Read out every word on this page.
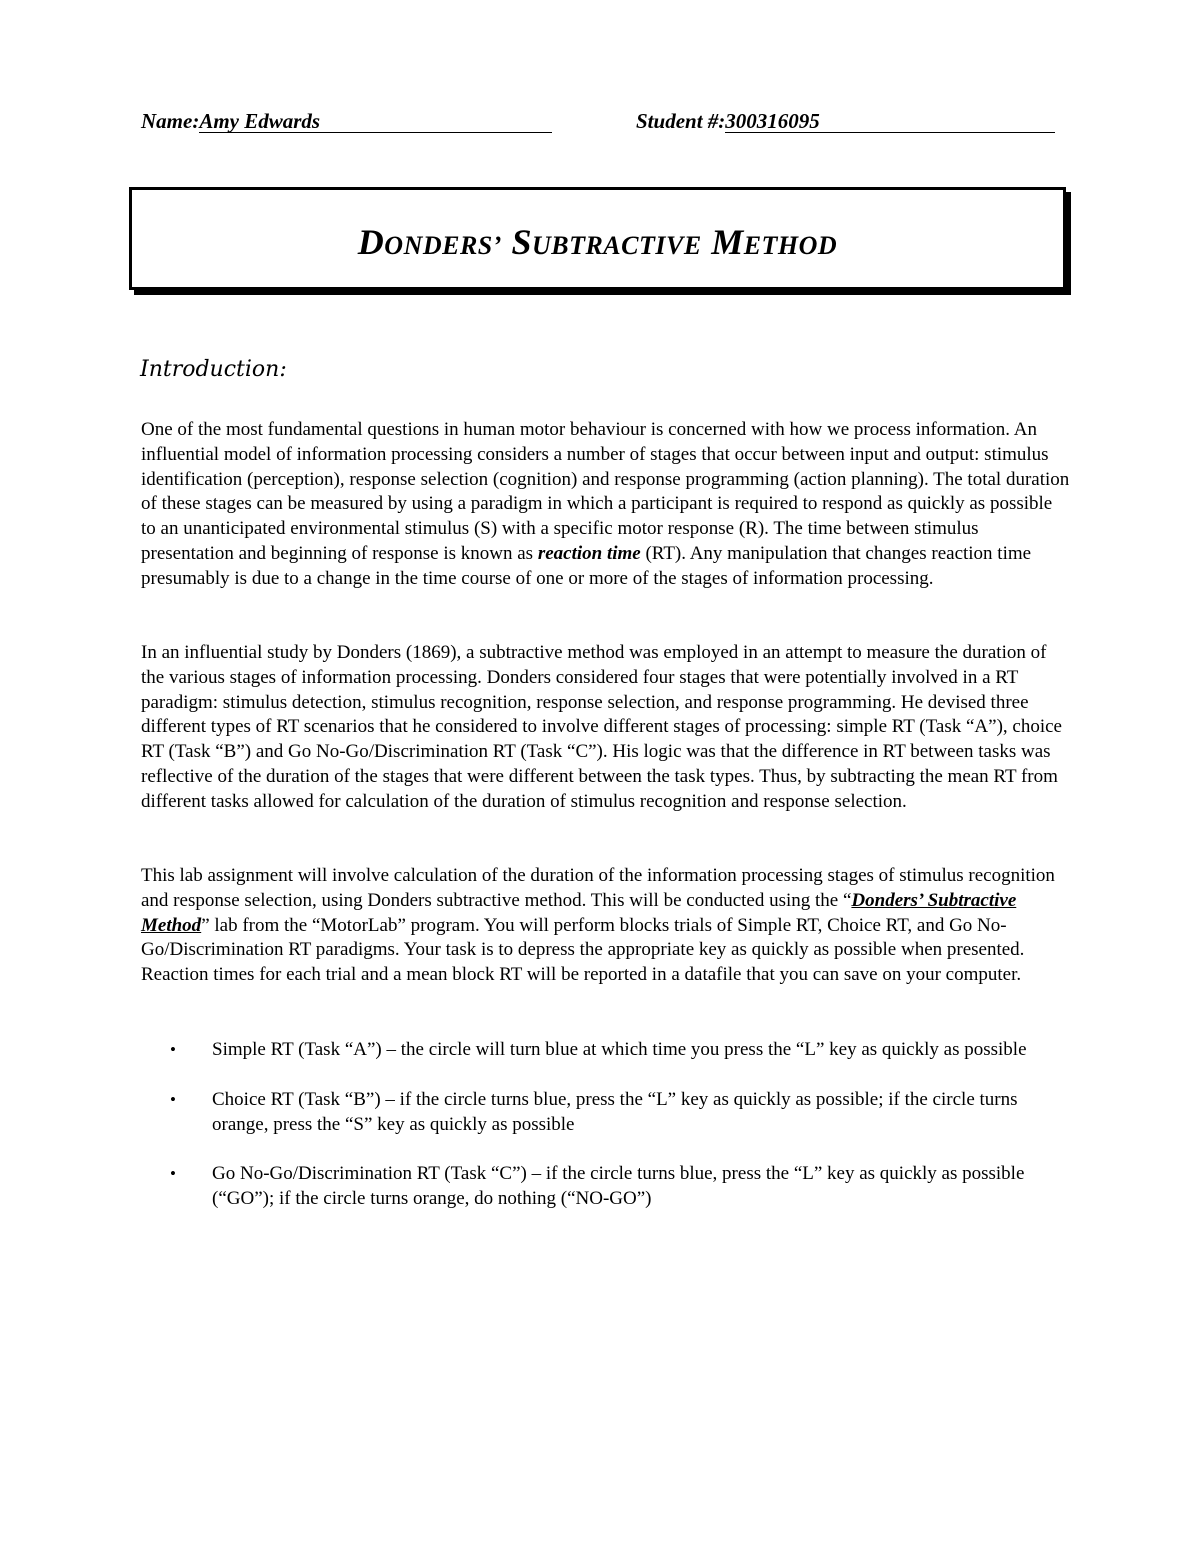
Name:Amy Edwards	Student #:300316095
DONDERS’ SUBTRACTIVE METHOD
Introduction:

One of the most fundamental questions in human motor behaviour is concerned with how we process information. An influential model of information processing considers a number of stages that occur between input and output: stimulus identification (perception), response selection (cognition) and response programming (action planning). The total duration of these stages can be measured by using a paradigm in which a participant is required to respond as quickly as possible to an unanticipated environmental stimulus (S) with a specific motor response (R). The time between stimulus presentation and beginning of response is known as reaction time (RT). Any manipulation that changes reaction time presumably is due to a change in the time course of one or more of the stages of information processing.

In an influential study by Donders (1869), a subtractive method was employed in an attempt to measure the duration of the various stages of information processing. Donders considered four stages that were potentially involved in a RT paradigm: stimulus detection, stimulus recognition, response selection, and response programming. He devised three different types of RT scenarios that he considered to involve different stages of processing: simple RT (Task “A”), choice RT (Task “B”) and Go No-Go/Discrimination RT (Task “C”). His logic was that the difference in RT between tasks was reflective of the duration of the stages that were different between the task types. Thus, by subtracting the mean RT from different tasks allowed for calculation of the duration of stimulus recognition and response selection.

This lab assignment will involve calculation of the duration of the information processing stages of stimulus recognition and response selection, using Donders subtractive method. This will be conducted using the “Donders’ Subtractive Method” lab from the “MotorLab” program. You will perform blocks trials of Simple RT, Choice RT, and Go No-Go/Discrimination RT paradigms. Your task is to depress the appropriate key as quickly as possible when presented. Reaction times for each trial and a mean block RT will be reported in a datafile that you can save on your computer.

•	Simple RT (Task “A”) – the circle will turn blue at which time you press the “L” key as quickly as possible
•	Choice RT (Task “B”) – if the circle turns blue, press the “L” key as quickly as possible; if the circle turns orange, press the “S” key as quickly as possible
•	Go No-Go/Discrimination RT (Task “C”) – if the circle turns blue, press the “L” key as quickly as possible (“GO”); if the circle turns orange, do nothing (“NO-GO”)
